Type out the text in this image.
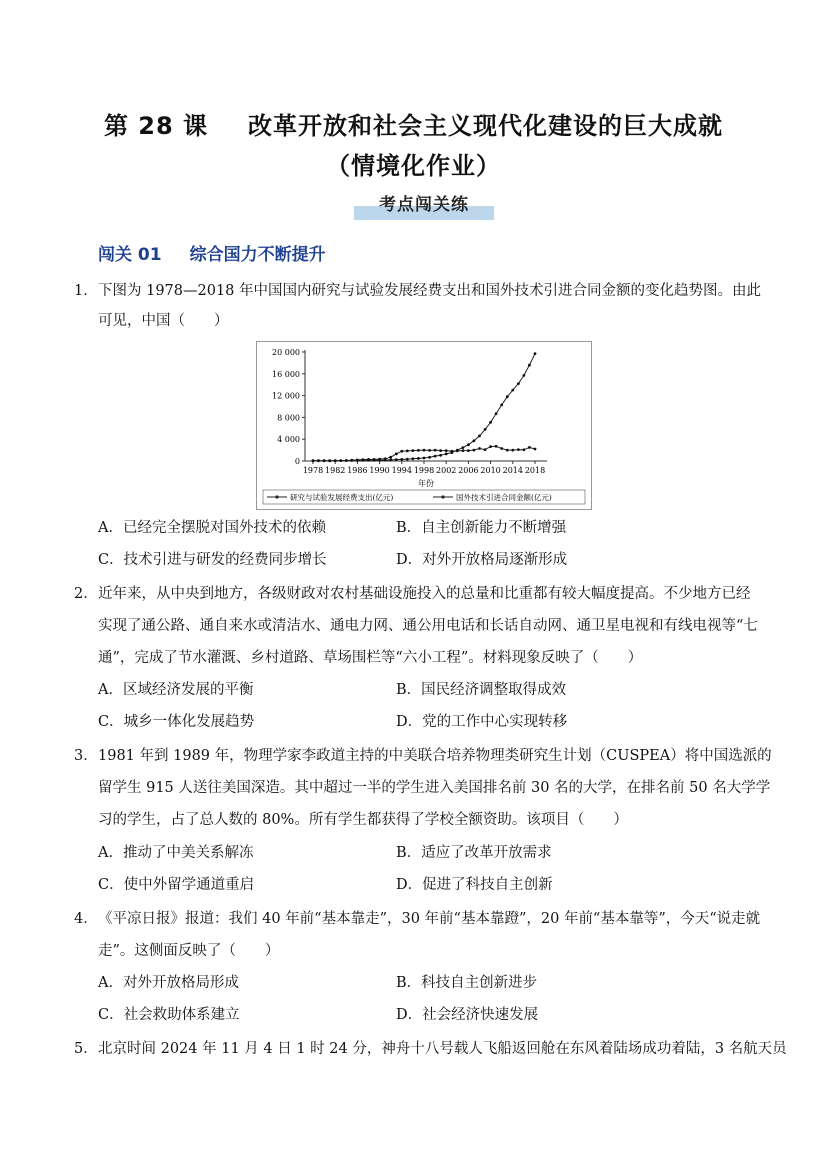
第 28 课 改革开放和社会主义现代化建设的巨大成就
（情境化作业）
考点闯关练
闯关 01 综合国力不断提升
1． 下图为 1978—2018 年中国国内研究与试验发展经费支出和国外技术引进合同金额的变化趋势图。由此
可见，中国（　　）
0
4 000
8 000
12 000
16 000
20 000
1978 1982 1986 1990 1994 1998 2002 2006 2010 2014 2018
年份
研究与试验发展经费支出(亿元)	国外技术引进合同金额(亿元)
A．已经完全摆脱对国外技术的依赖	B．自主创新能力不断增强
C．技术引进与研发的经费同步增长	D．对外开放格局逐渐形成
2． 近年来，从中央到地方，各级财政对农村基础设施投入的总量和比重都有较大幅度提高。不少地方已经
实现了通公路、通自来水或清洁水、通电力网、通公用电话和长话自动网、通卫星电视和有线电视等“七
通”，完成了节水灌溉、乡村道路、草场围栏等“六小工程”。材料现象反映了（　　）
A．区域经济发展的平衡	B．国民经济调整取得成效
C．城乡一体化发展趋势	D．党的工作中心实现转移
3． 1981 年到 1989 年，物理学家李政道主持的中美联合培养物理类研究生计划（CUSPEA）将中国选派的
留学生 915 人送往美国深造。其中超过一半的学生进入美国排名前 30 名的大学，在排名前 50 名大学学
习的学生，占了总人数的 80%。所有学生都获得了学校全额资助。该项目（　　）
A．推动了中美关系解冻	B．适应了改革开放需求
C．使中外留学通道重启	D．促进了科技自主创新
4． 《平凉日报》报道：我们 40 年前“基本靠走”，30 年前“基本靠蹬”，20 年前“基本靠等”，今天“说走就
走”。这侧面反映了（　　）
A．对外开放格局形成	B．科技自主创新进步
C．社会救助体系建立	D．社会经济快速发展
5． 北京时间 2024 年 11 月 4 日 1 时 24 分，神舟十八号载人飞船返回舱在东风着陆场成功着陆，3 名航天员
